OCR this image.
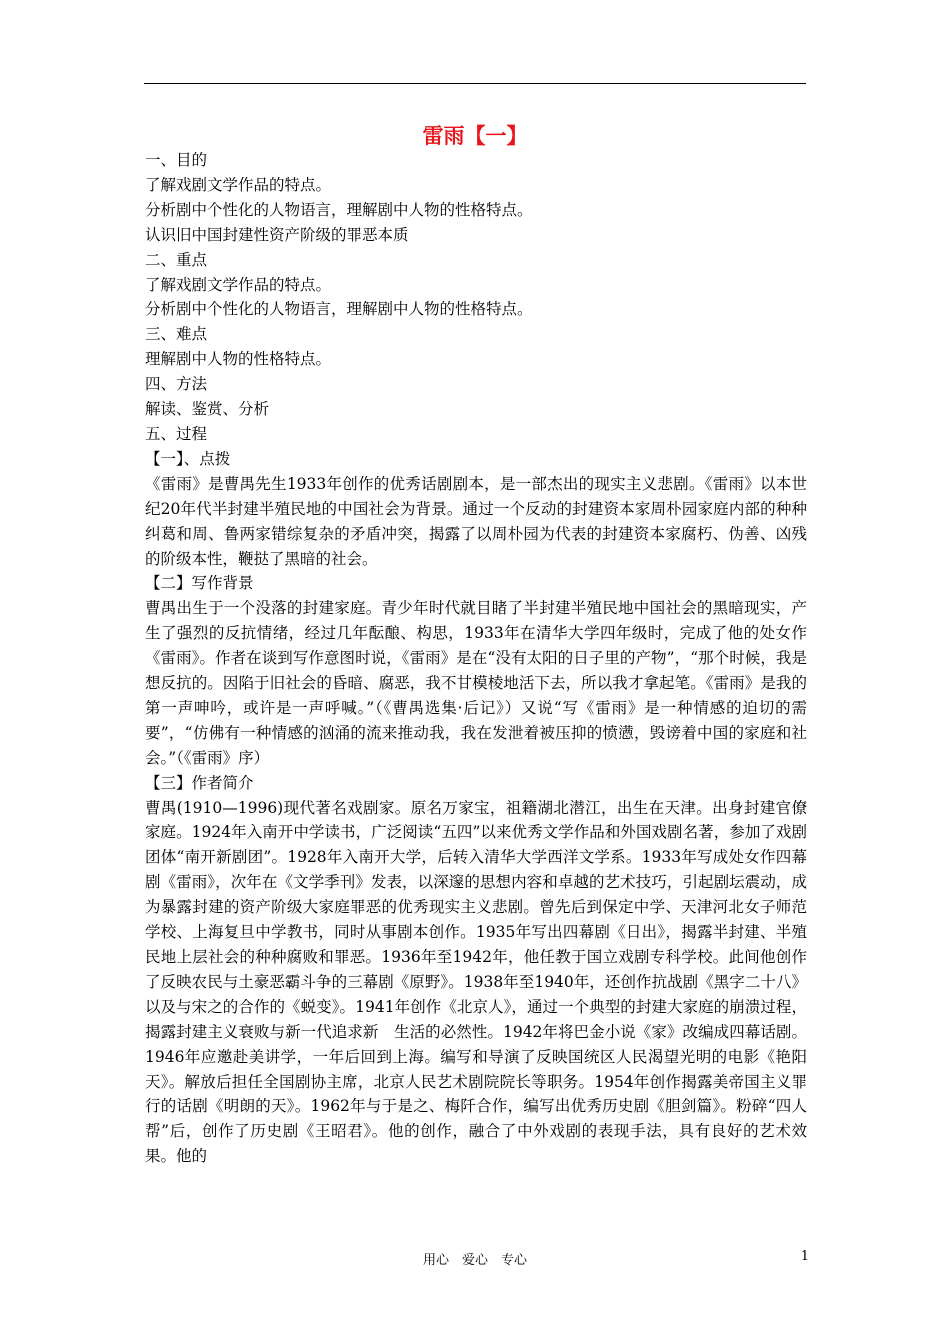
雷雨【一】

一、目的

了解戏剧文学作品的特点。

分析剧中个性化的人物语言，理解剧中人物的性格特点。

认识旧中国封建性资产阶级的罪恶本质

二、重点

了解戏剧文学作品的特点。

分析剧中个性化的人物语言，理解剧中人物的性格特点。

三、难点

理解剧中人物的性格特点。

四、方法

解读、鉴赏、分析

五、过程

【一】、点拨

《雷雨》是曹禺先生1933年创作的优秀话剧剧本，是一部杰出的现实主义悲剧。《雷雨》以本世纪20年代半封建半殖民地的中国社会为背景。通过一个反动的封建资本家周朴园家庭内部的种种纠葛和周、鲁两家错综复杂的矛盾冲突，揭露了以周朴园为代表的封建资本家腐朽、伪善、凶残的阶级本性，鞭挞了黑暗的社会。

【二】写作背景

曹禺出生于一个没落的封建家庭。青少年时代就目睹了半封建半殖民地中国社会的黑暗现实，产生了强烈的反抗情绪，经过几年酝酿、构思，1933年在清华大学四年级时，完成了他的处女作《雷雨》。作者在谈到写作意图时说，《雷雨》是在“没有太阳的日子里的产物”，“那个时候，我是想反抗的。因陷于旧社会的昏暗、腐恶，我不甘模棱地活下去，所以我才拿起笔。《雷雨》是我的第一声呻吟，或许是一声呼喊。”（《曹禺选集·后记》）又说“写《雷雨》是一种情感的迫切的需要”，“仿佛有一种情感的汹涌的流来推动我，我在发泄着被压抑的愤懑，毁谤着中国的家庭和社会。”（《雷雨》序）

【三】作者简介

曹禺(1910—1996)现代著名戏剧家。原名万家宝，祖籍湖北潜江，出生在天津。出身封建官僚家庭。1924年入南开中学读书，广泛阅读“五四”以来优秀文学作品和外国戏剧名著，参加了戏剧团体“南开新剧团”。1928年入南开大学，后转入清华大学西洋文学系。1933年写成处女作四幕剧《雷雨》，次年在《文学季刊》发表，以深邃的思想内容和卓越的艺术技巧，引起剧坛震动，成为暴露封建的资产阶级大家庭罪恶的优秀现实主义悲剧。曾先后到保定中学、天津河北女子师范学校、上海复旦中学教书，同时从事剧本创作。1935年写出四幕剧《日出》，揭露半封建、半殖民地上层社会的种种腐败和罪恶。1936年至1942年，他任教于国立戏剧专科学校。此间他创作了反映农民与土豪恶霸斗争的三幕剧《原野》。1938年至1940年，还创作抗战剧《黑字二十八》以及与宋之的合作的《蜕变》。1941年创作《北京人》，通过一个典型的封建大家庭的崩溃过程，揭露封建主义衰败与新一代追求新　生活的必然性。1942年将巴金小说《家》改编成四幕话剧。1946年应邀赴美讲学，一年后回到上海。编写和导演了反映国统区人民渴望光明的电影《艳阳天》。解放后担任全国剧协主席，北京人民艺术剧院院长等职务。1954年创作揭露美帝国主义罪行的话剧《明朗的天》。1962年与于是之、梅阡合作，编写出优秀历史剧《胆剑篇》。粉碎“四人帮”后，创作了历史剧《王昭君》。他的创作，融合了中外戏剧的表现手法，具有良好的艺术效果。他的

用心　爱心　专心	1
